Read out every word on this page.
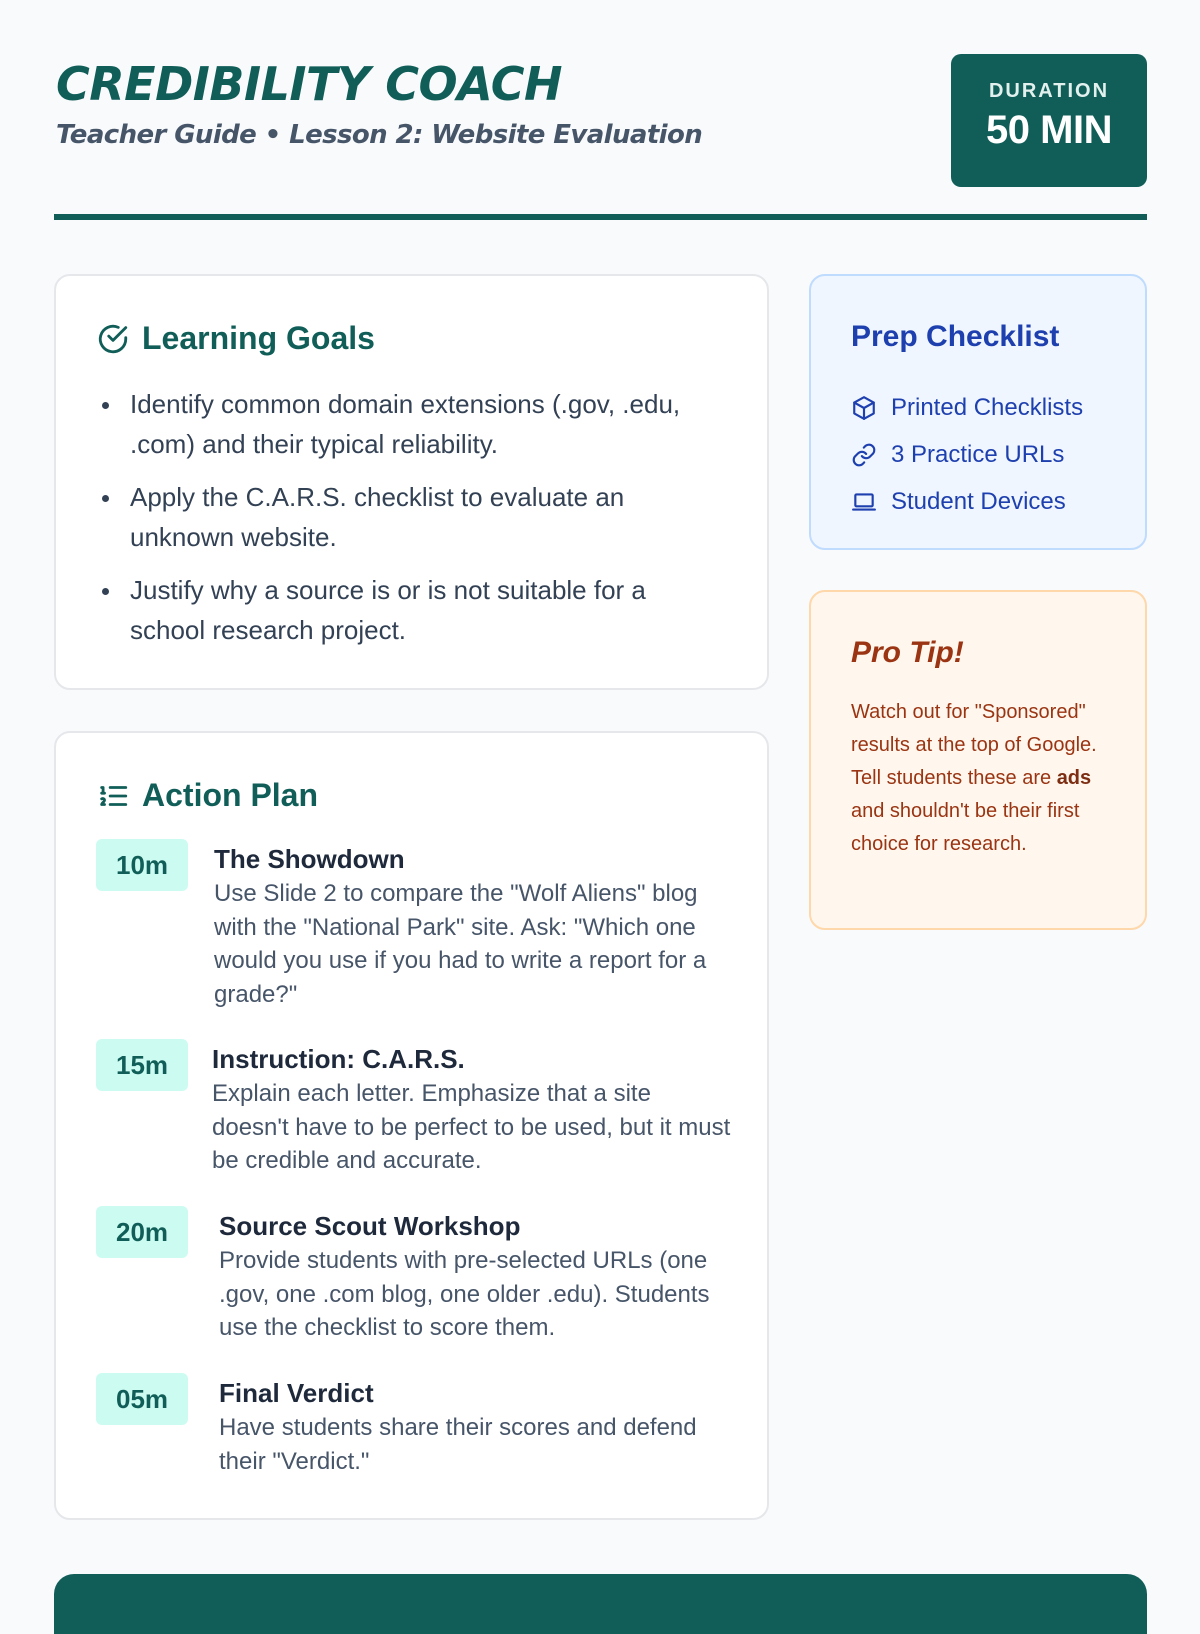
CREDIBILITY COACH
Teacher Guide • Lesson 2: Website Evaluation
DURATION
50 MIN
Learning Goals
Identify common domain extensions (.gov, .edu, .com) and their typical reliability.
Apply the C.A.R.S. checklist to evaluate an unknown website.
Justify why a source is or is not suitable for a school research project.
Action Plan
10m	The Showdown
Use Slide 2 to compare the "Wolf Aliens" blog with the "National Park" site. Ask: "Which one would you use if you had to write a report for a grade?"
15m	Instruction: C.A.R.S.
Explain each letter. Emphasize that a site doesn't have to be perfect to be used, but it must be credible and accurate.
20m	Source Scout Workshop
Provide students with pre-selected URLs (one .gov, one .com blog, one older .edu). Students use the checklist to score them.
05m	Final Verdict
Have students share their scores and defend their "Verdict."
Prep Checklist
Printed Checklists
3 Practice URLs
Student Devices
Pro Tip!
Watch out for "Sponsored" results at the top of Google. Tell students these are ads and shouldn't be their first choice for research.
